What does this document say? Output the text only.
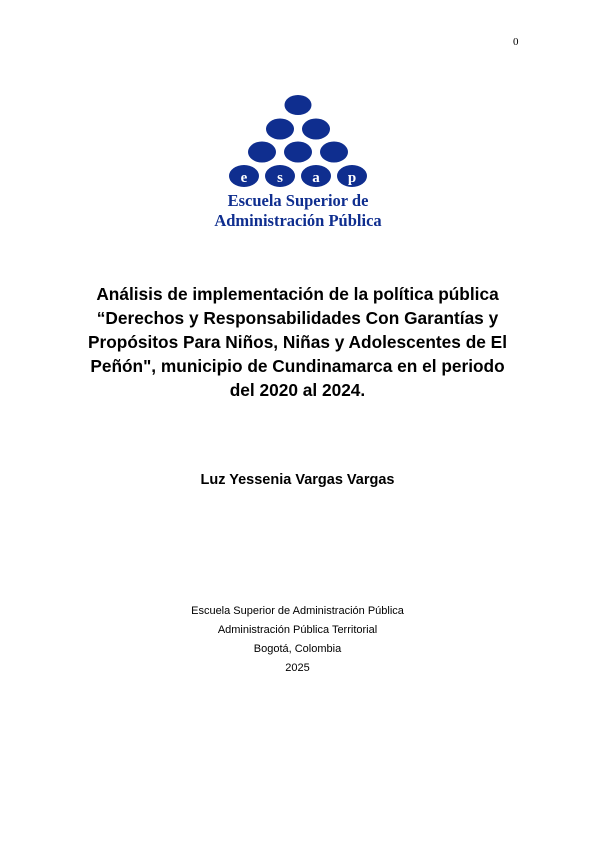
0
e s a p
Escuela Superior de
Administración Pública
Análisis de implementación de la política pública
“Derechos y Responsabilidades Con Garantías y
Propósitos Para Niños, Niñas y Adolescentes de El
Peñón", municipio de Cundinamarca en el periodo
del 2020 al 2024.
Luz Yessenia Vargas Vargas
Escuela Superior de Administración Pública
Administración Pública Territorial
Bogotá, Colombia
2025
